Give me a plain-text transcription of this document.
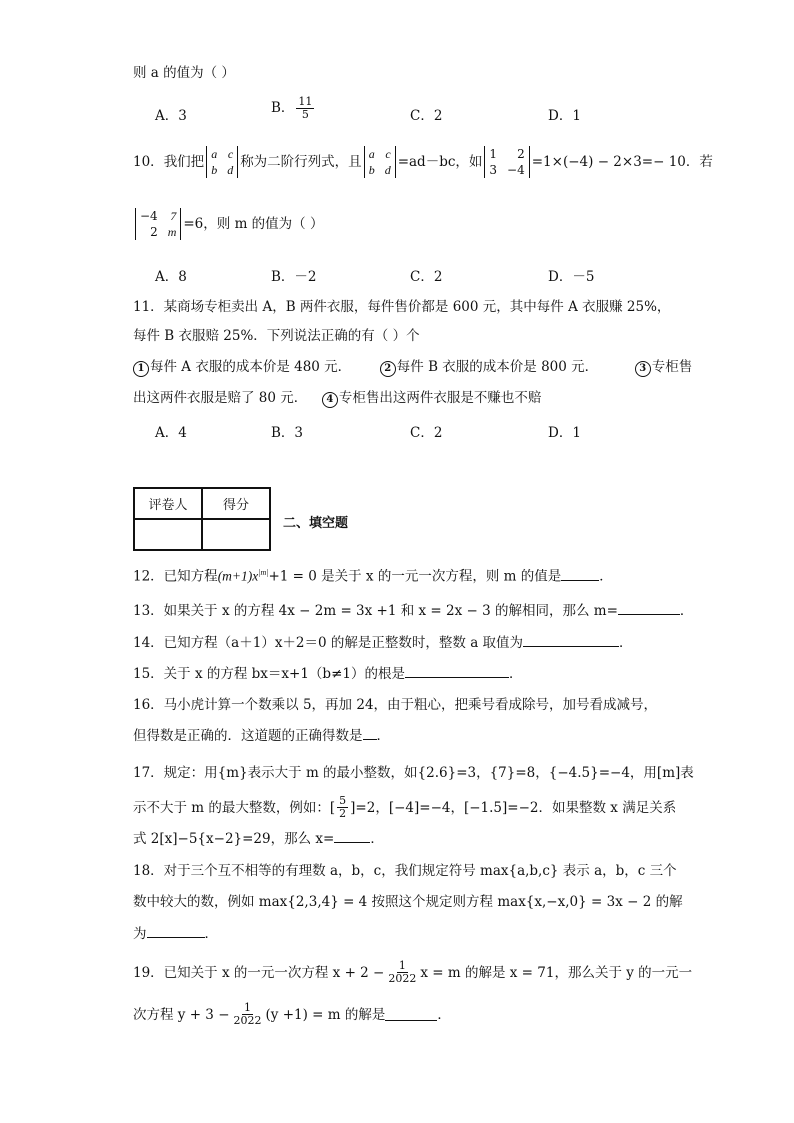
则 a 的值为（ ）
A．3	B． $\frac{11}{5}$	C．2	D．1
10． 我们把 a c
b d 称为二阶行列式，且 a c
b d =ad－bc，如 1	2
3 −4 =1×(−4) − 2×3=− 10．若
−4 7
2 m =6，则 m 的值为（ ）
A．8	B．－2	C．2	D．－5
11．某商场专柜卖出 A，B 两件衣服，每件售价都是 600 元，其中每件 A 衣服赚 25%，
每件 B 衣服赔 25%．下列说法正确的有（ ）个
1 每件 A 衣服的成本价是 480 元．	2 每件 B 衣服的成本价是 800 元．	3 专柜售
出这两件衣服是赔了 80 元． 4 专柜售出这两件衣服是不赚也不赔
A．4	B．3	C．2	D．1
评卷人	得分

二、填空题
12．已知方程$(m+1)x^{|m|}+1 = 0$ 是关于 x 的一元一次方程，则 m 的值是	．
13．如果关于 x 的方程 4x − 2m = 3x +1 和 x = 2x − 3 的解相同，那么 m=	．
14．已知方程（a＋1）x＋2＝0 的解是正整数时，整数 a 取值为	．
15．关于 x 的方程 bx＝x+1（b≠1）的根是	．
16．马小虎计算一个数乘以 5，再加 24，由于粗心，把乘号看成除号，加号看成减号，
但得数是正确的．这道题的正确得数是 ．
17．规定：用{m}表示大于 m 的最小整数，如{2.6}=3，{7}=8，{−4.5}=−4，用[m]表
示不大于 m 的最大整数，例如：[ $\frac{5}{2} ]=2$，[−4]=−4，[−1.5]=−2．如果整数 x 满足关系
式 2[x]−5{x−2}=29，那么 x=	．
18．对于三个互不相等的有理数 a，b，c，我们规定符号 max{a,b,c} 表示 a，b，c 三个
数中较大的数，例如 max{2,3,4} = 4 按照这个规定则方程 max{x,−x,0} = 3x − 2 的解
为	．
19．已知关于 x 的一元一次方程 $x + 2 - \frac{1}{2022}$ x = m 的解是 x = 71，那么关于 y 的一元一
次方程 $y + 3 - \frac{1}{2022} (y +1) = m$ 的解是	．
